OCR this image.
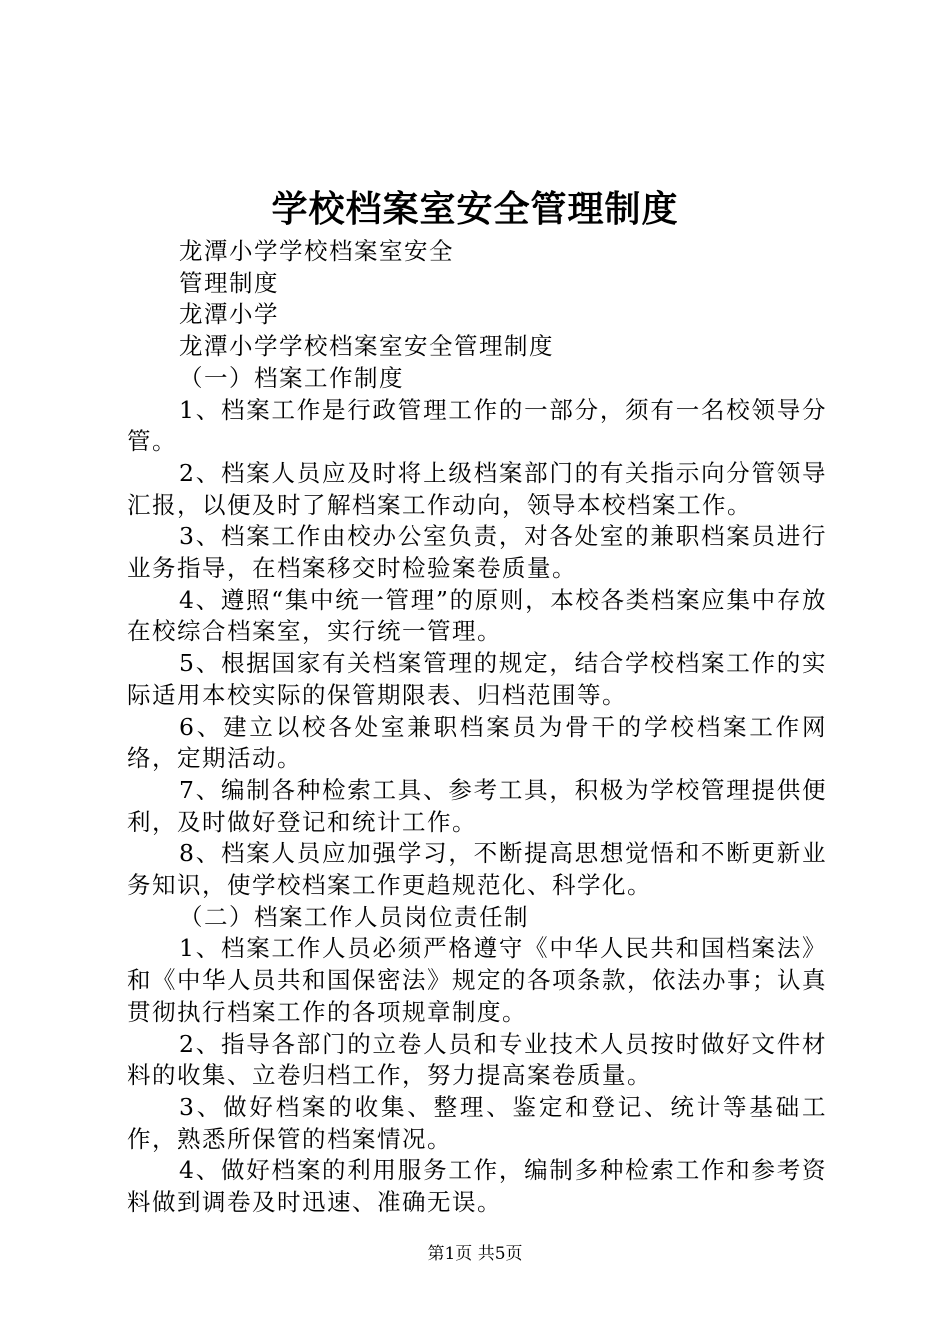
学校档案室安全管理制度

龙潭小学学校档案室安全

管理制度

龙潭小学

龙潭小学学校档案室安全管理制度

（一）档案工作制度

1、档案工作是行政管理工作的一部分，须有一名校领导分管。

2、档案人员应及时将上级档案部门的有关指示向分管领导汇报，以便及时了解档案工作动向，领导本校档案工作。

3、档案工作由校办公室负责，对各处室的兼职档案员进行业务指导，在档案移交时检验案卷质量。

4、遵照“集中统一管理”的原则，本校各类档案应集中存放在校综合档案室，实行统一管理。

5、根据国家有关档案管理的规定，结合学校档案工作的实际适用本校实际的保管期限表、归档范围等。

6、建立以校各处室兼职档案员为骨干的学校档案工作网络，定期活动。

7、编制各种检索工具、参考工具，积极为学校管理提供便利，及时做好登记和统计工作。

8、档案人员应加强学习，不断提高思想觉悟和不断更新业务知识，使学校档案工作更趋规范化、科学化。

（二）档案工作人员岗位责任制

1、档案工作人员必须严格遵守《中华人民共和国档案法》和《中华人员共和国保密法》规定的各项条款，依法办事；认真贯彻执行档案工作的各项规章制度。

2、指导各部门的立卷人员和专业技术人员按时做好文件材料的收集、立卷归档工作，努力提高案卷质量。

3、做好档案的收集、整理、鉴定和登记、统计等基础工作，熟悉所保管的档案情况。

4、做好档案的利用服务工作，编制多种检索工作和参考资料做到调卷及时迅速、准确无误。

第1页 共5页
